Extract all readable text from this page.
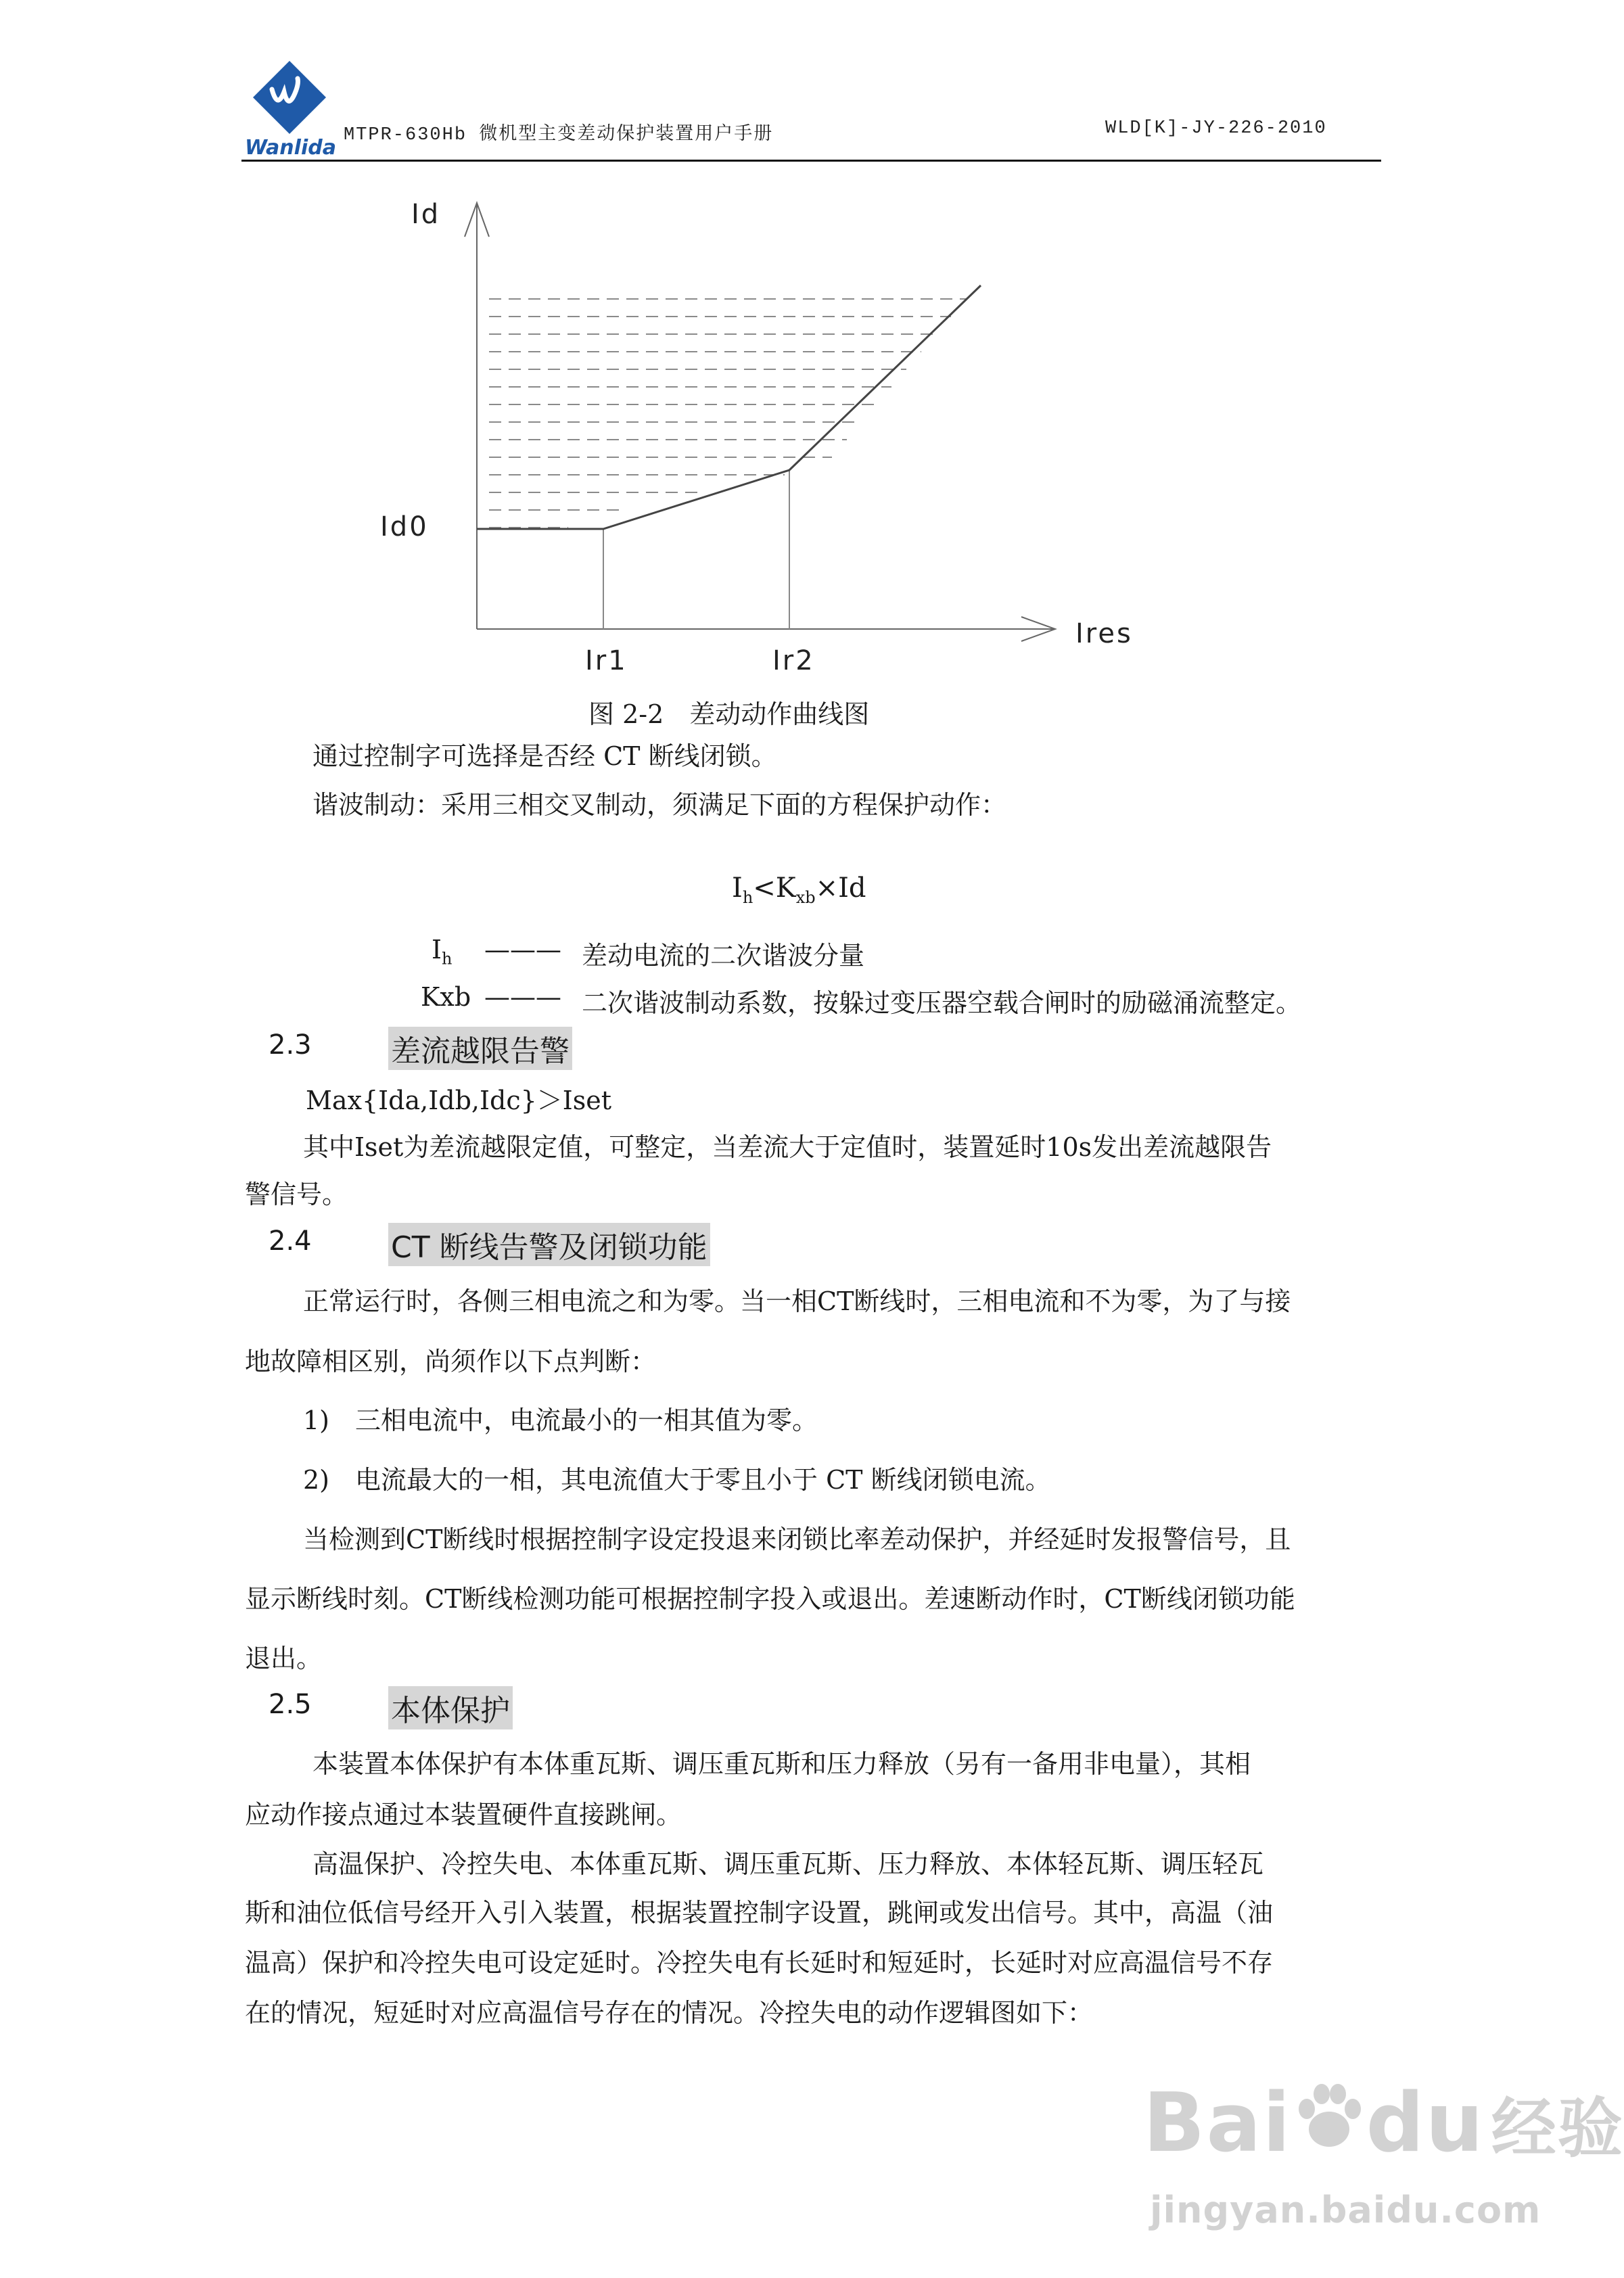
Wanlida
MTPR-630Hb 微机型主变差动保护装置用户手册	WLD[K]-JY-226-2010
Id
Id0
Ires
Ir1	Ir2
图 2-2　差动动作曲线图
通过控制字可选择是否经 CT 断线闭锁。
谐波制动：采用三相交叉制动，须满足下面的方程保护动作：
$I_h<K_{xb}\times Id$
$I_h$ ——— 差动电流的二次谐波分量
Kxb ——— 二次谐波制动系数，按躲过变压器空载合闸时的励磁涌流整定。
2.3	差流越限告警
Max{Ida,Idb,Idc}＞Iset
其中Iset为差流越限定值，可整定，当差流大于定值时，装置延时10s发出差流越限告
警信号。
2.4	CT 断线告警及闭锁功能
正常运行时，各侧三相电流之和为零。当一相CT断线时，三相电流和不为零，为了与接
地故障相区别，尚须作以下点判断：
1)　三相电流中，电流最小的一相其值为零。
2)　电流最大的一相，其电流值大于零且小于 CT 断线闭锁电流。
当检测到CT断线时根据控制字设定投退来闭锁比率差动保护，并经延时发报警信号，且
显示断线时刻。CT断线检测功能可根据控制字投入或退出。差速断动作时，CT断线闭锁功能
退出。
2.5	本体保护
本装置本体保护有本体重瓦斯、调压重瓦斯和压力释放（另有一备用非电量），其相
应动作接点通过本装置硬件直接跳闸。
高温保护、冷控失电、本体重瓦斯、调压重瓦斯、压力释放、本体轻瓦斯、调压轻瓦
斯和油位低信号经开入引入装置，根据装置控制字设置，跳闸或发出信号。其中，高温（油
温高）保护和冷控失电可设定延时。冷控失电有长延时和短延时，长延时对应高温信号不存
在的情况，短延时对应高温信号存在的情况。冷控失电的动作逻辑图如下：
Bai du 经验
jingyan.baidu.com
